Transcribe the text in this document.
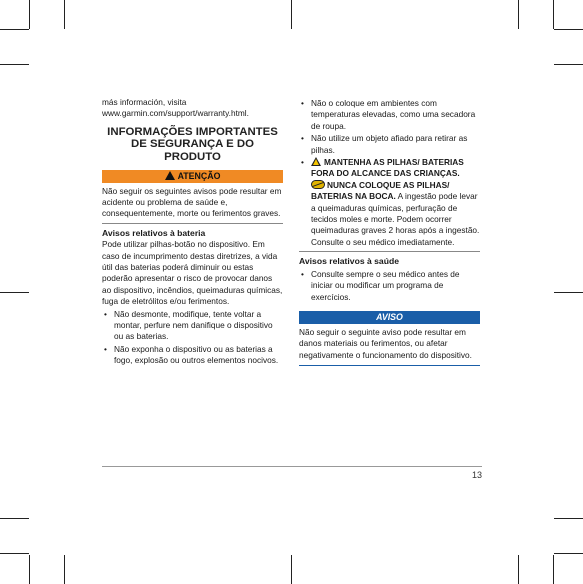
más información, visita www.garmin.com/support/warranty.html.

INFORMAÇÕES IMPORTANTES DE SEGURANÇA E DO PRODUTO
ATENÇÃO

Não seguir os seguintes avisos pode resultar em acidente ou problema de saúde e, consequentemente, morte ou ferimentos graves.

Avisos relativos à bateria

Pode utilizar pilhas-botão no dispositivo. Em caso de incumprimento destas diretrizes, a vida útil das baterias poderá diminuir ou estas poderão apresentar o risco de provocar danos ao dispositivo, incêndios, queimaduras químicas, fuga de eletrólitos e/ou ferimentos.

• Não desmonte, modifique, tente voltar a montar, perfure nem danifique o dispositivo ou as baterias.
• Não exponha o dispositivo ou as baterias a fogo, explosão ou outros elementos nocivos.
• Não o coloque em ambientes com temperaturas elevadas, como uma secadora de roupa.
• Não utilize um objeto afiado para retirar as pilhas.
• MANTENHA AS PILHAS/ BATERIAS FORA DO ALCANCE DAS CRIANÇAS.
NUNCA COLOQUE AS PILHAS/ BATERIAS NA BOCA. A ingestão pode levar a queimaduras químicas, perfuração de tecidos moles e morte. Podem ocorrer queimaduras graves 2 horas após a ingestão. Consulte o seu médico imediatamente.
Avisos relativos à saúde
• Consulte sempre o seu médico antes de iniciar ou modificar um programa de exercícios.
AVISO

Não seguir o seguinte aviso pode resultar em danos materiais ou ferimentos, ou afetar negativamente o funcionamento do dispositivo.

13
